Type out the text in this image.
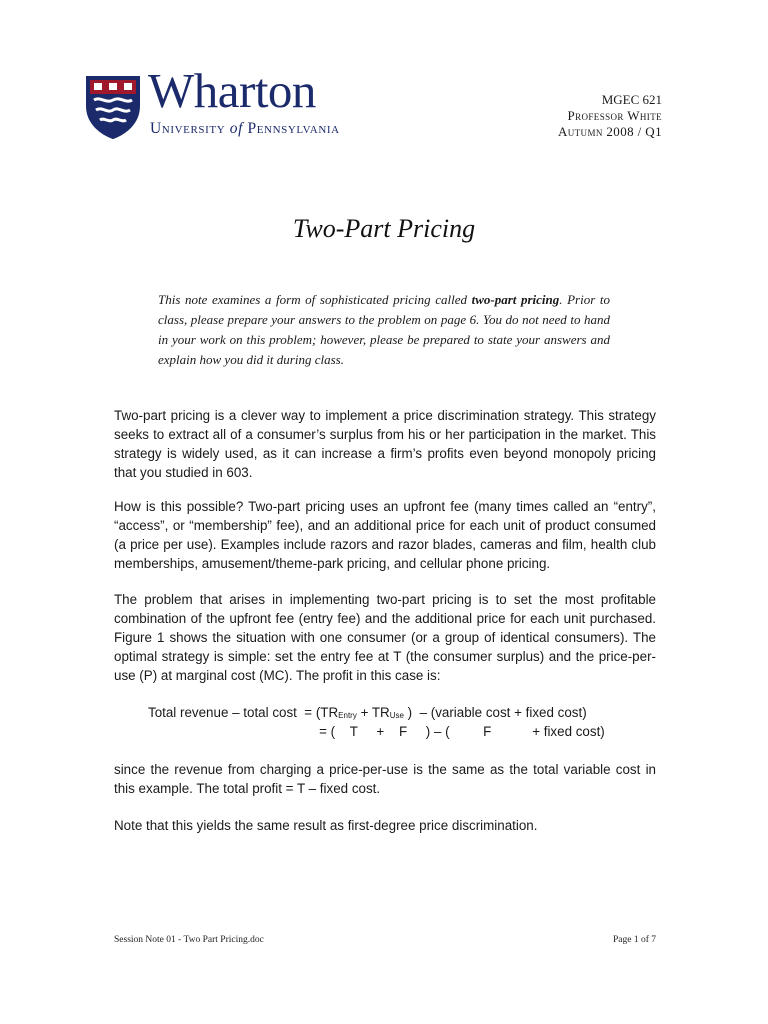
Wharton
University of Pennsylvania
MGEC 621
Professor White
Autumn 2008 / Q1
Two-Part Pricing
This note examines a form of sophisticated pricing called two-part pricing. Prior to class, please prepare your answers to the problem on page 6. You do not need to hand in your work on this problem; however, please be prepared to state your answers and explain how you did it during class.

Two-part pricing is a clever way to implement a price discrimination strategy. This strategy seeks to extract all of a consumer’s surplus from his or her participation in the market. This strategy is widely used, as it can increase a firm’s profits even beyond monopoly pricing that you studied in 603.

How is this possible? Two-part pricing uses an upfront fee (many times called an “entry”, “access”, or “membership” fee), and an additional price for each unit of product consumed (a price per use). Examples include razors and razor blades, cameras and film, health club memberships, amusement/theme-park pricing, and cellular phone pricing.

The problem that arises in implementing two-part pricing is to set the most profitable combination of the upfront fee (entry fee) and the additional price for each unit purchased. Figure 1 shows the situation with one consumer (or a group of identical consumers). The optimal strategy is simple: set the entry fee at T (the consumer surplus) and the price-per-use (P) at marginal cost (MC). The profit in this case is:

Total revenue – total cost  = (TREntry + TRUse )  – (variable cost + fixed cost)
= (    T     +    F     ) – (         F           + fixed cost)

since the revenue from charging a price-per-use is the same as the total variable cost in this example. The total profit = T – fixed cost.

Note that this yields the same result as first-degree price discrimination.

Session Note 01 - Two Part Pricing.doc	Page 1 of 7
